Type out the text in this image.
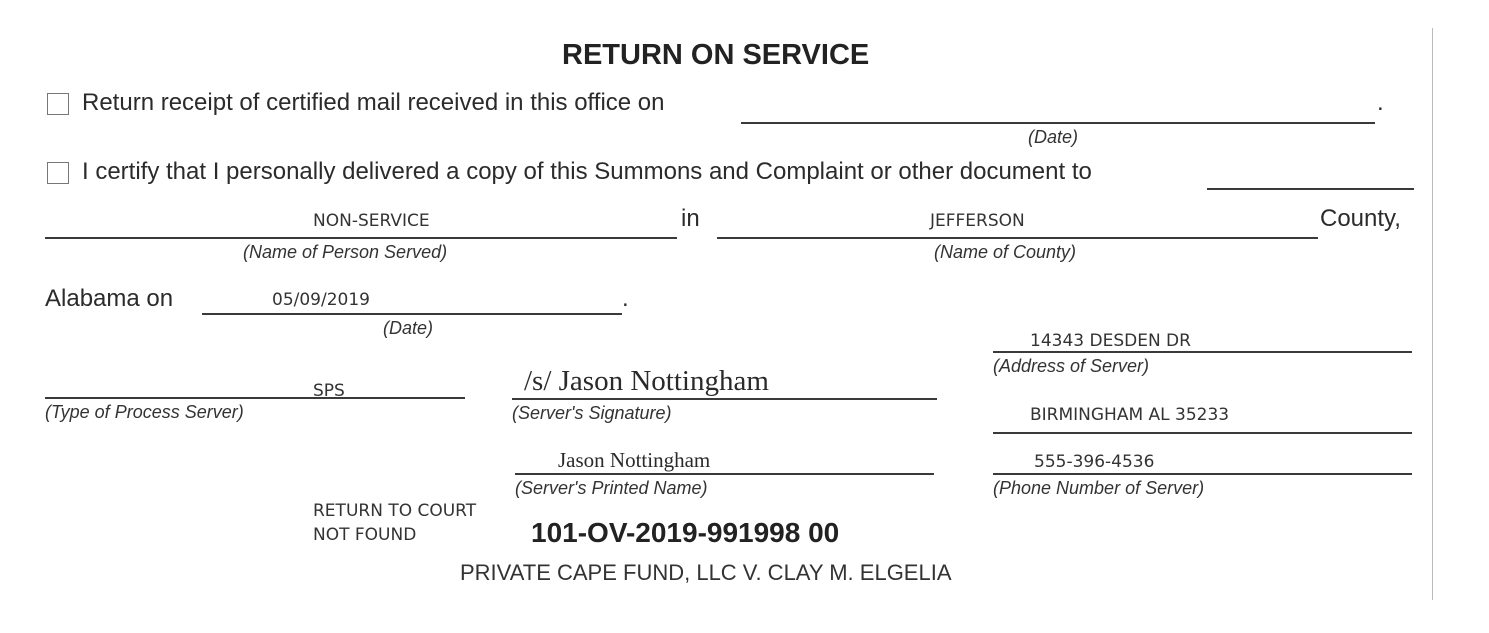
RETURN ON SERVICE
Return receipt of certified mail received in this office on	.
(Date)
I certify that I personally delivered a copy of this Summons and Complaint or other document to
NON-SERVICE	in	JEFFERSON	County,
(Name of Person Served)	(Name of County)
Alabama on	05/09/2019	.
(Date)
14343 DESDEN DR
(Address of Server)
SPS
(Type of Process Server)
/s/ Jason Nottingham
(Server's Signature)	BIRMINGHAM AL 35233
Jason Nottingham
(Server's Printed Name)
555-396-4536
(Phone Number of Server)
RETURN TO COURT
NOT FOUND	101-OV-2019-991998 00
PRIVATE CAPE FUND, LLC V. CLAY M. ELGELIA
